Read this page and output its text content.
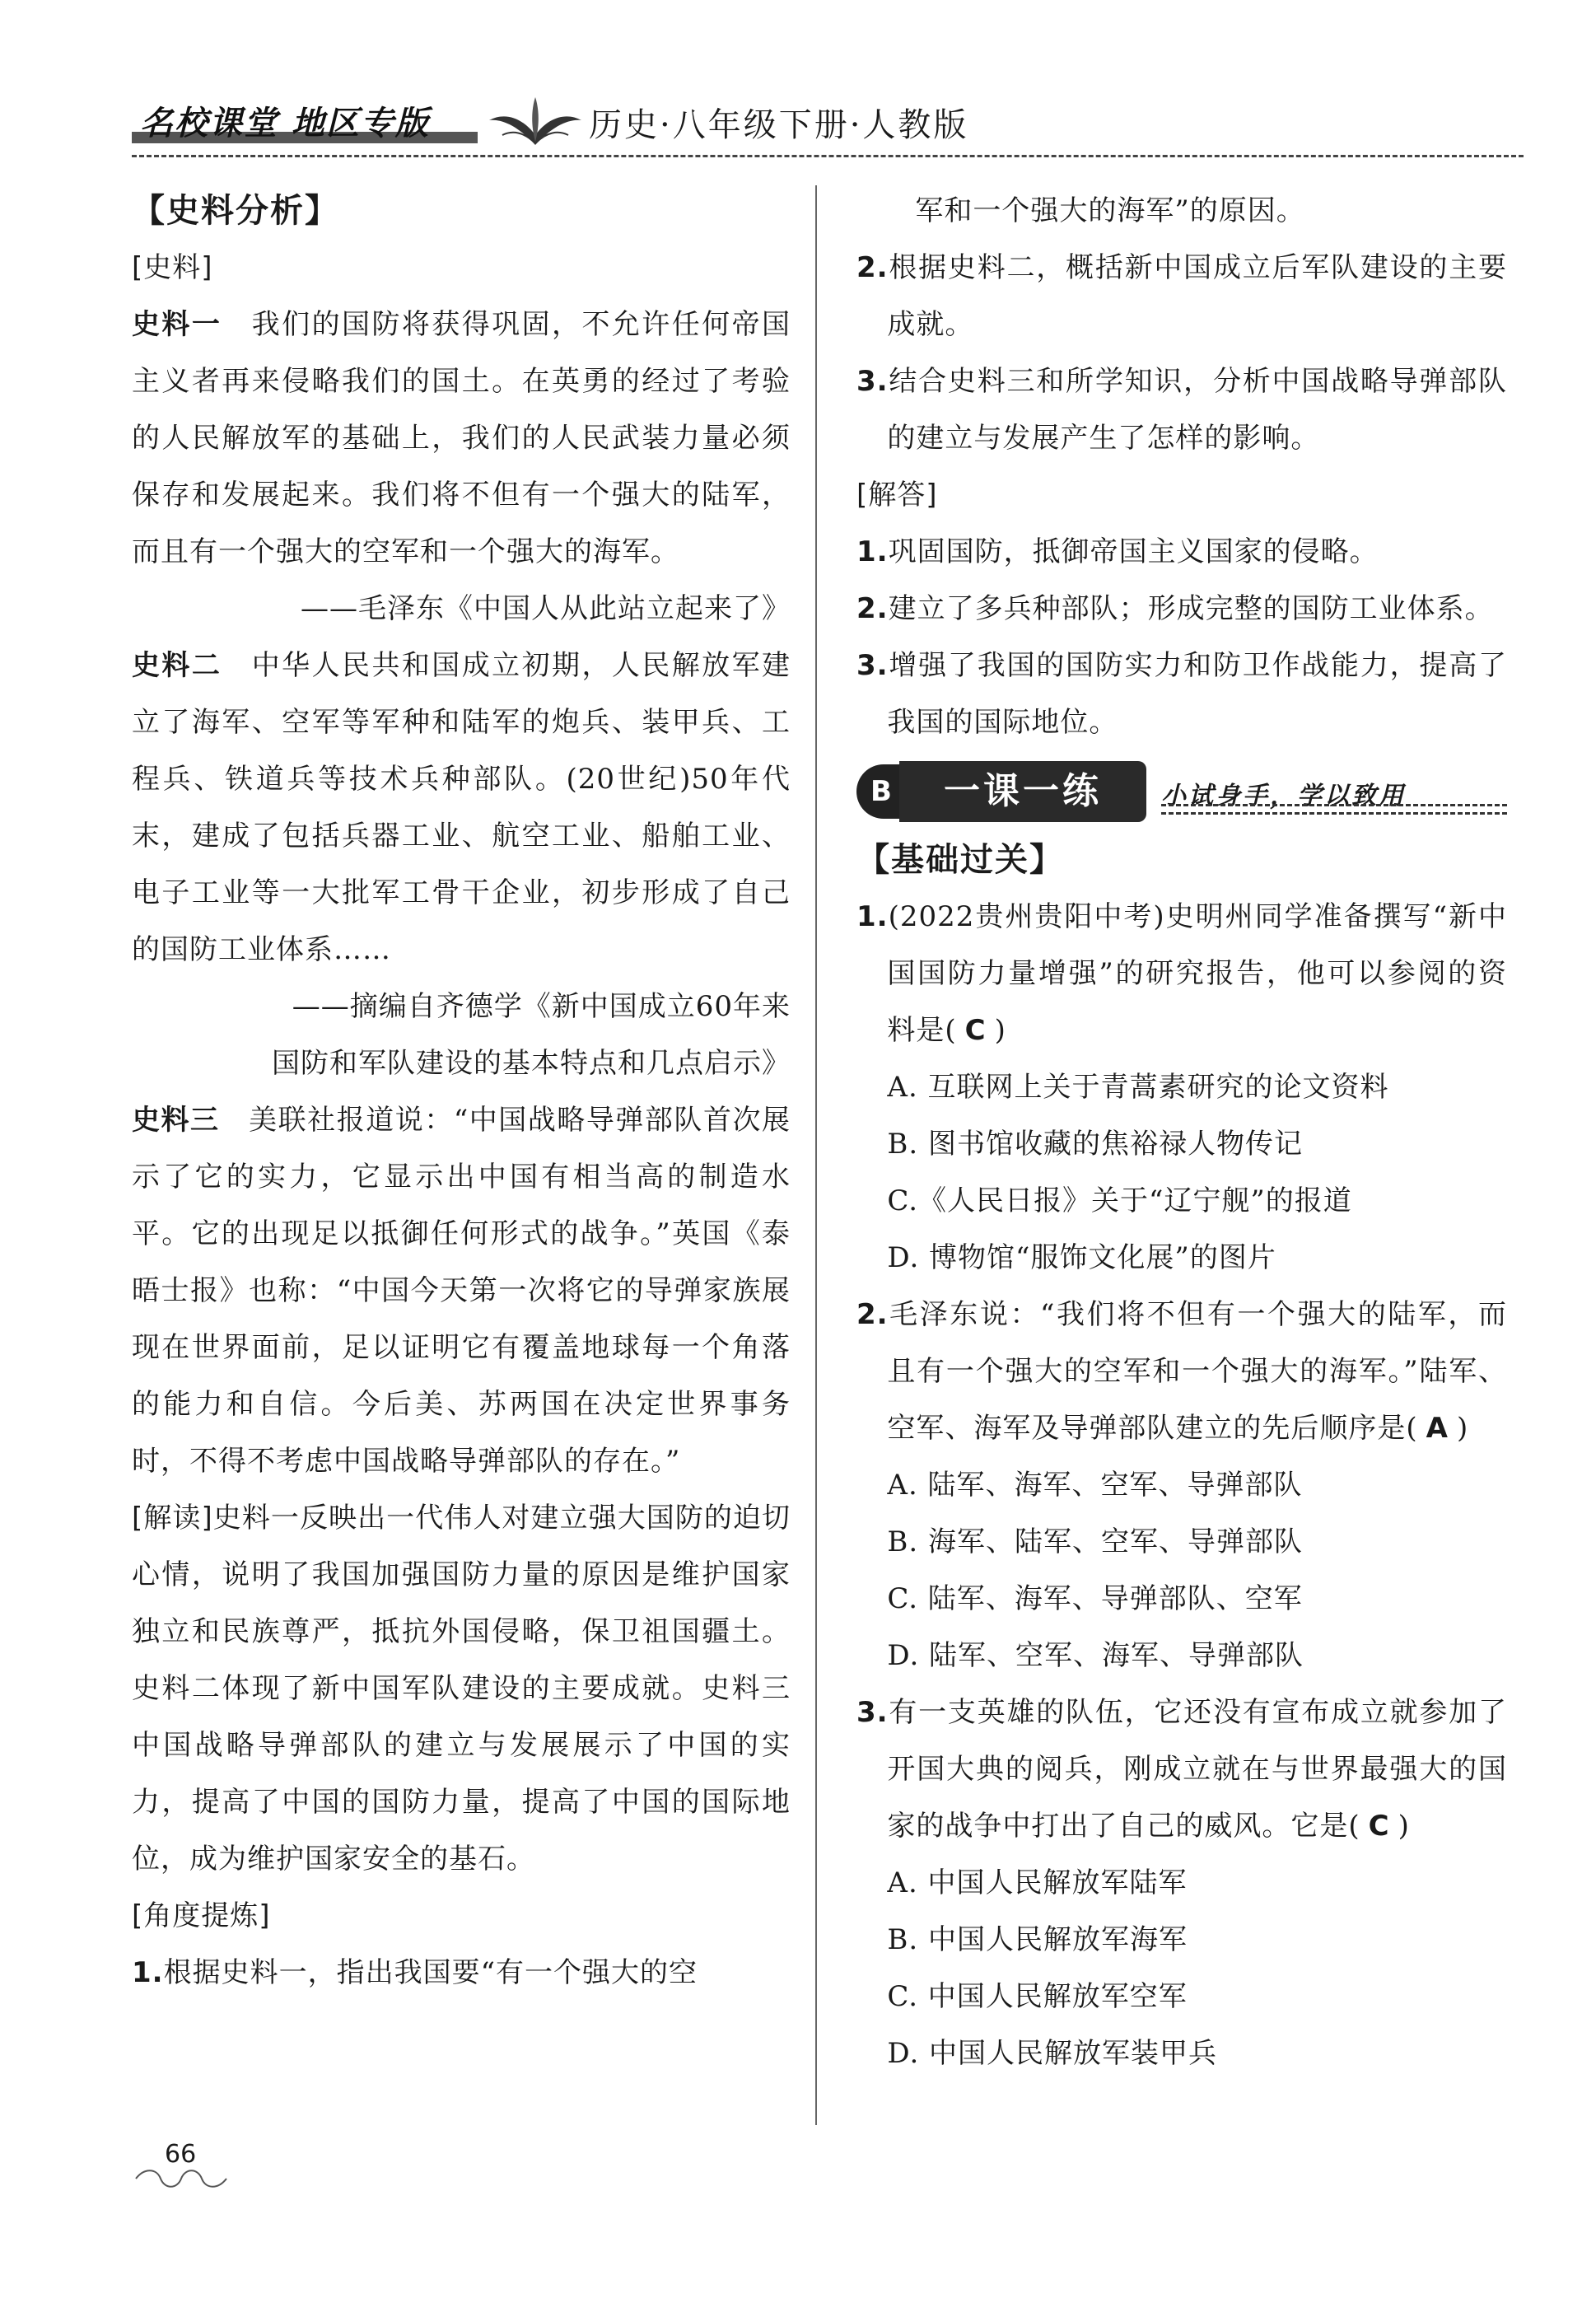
名校课堂 地区专版	历史·八年级下册·人教版
【史料分析】
[史料]
史料一  我们的国防将获得巩固，不允许任何帝国主义者再来侵略我们的国土。在英勇的经过了考验的人民解放军的基础上，我们的人民武装力量必须保存和发展起来。我们将不但有一个强大的陆军，而且有一个强大的空军和一个强大的海军。
——毛泽东《中国人从此站立起来了》
史料二  中华人民共和国成立初期，人民解放军建立了海军、空军等军种和陆军的炮兵、装甲兵、工程兵、铁道兵等技术兵种部队。(20世纪)50年代末，建成了包括兵器工业、航空工业、船舶工业、电子工业等一大批军工骨干企业，初步形成了自己的国防工业体系……
——摘编自齐德学《新中国成立60年来
国防和军队建设的基本特点和几点启示》
史料三  美联社报道说：“中国战略导弹部队首次展示了它的实力，它显示出中国有相当高的制造水平。它的出现足以抵御任何形式的战争。”英国《泰晤士报》也称：“中国今天第一次将它的导弹家族展现在世界面前，足以证明它有覆盖地球每一个角落的能力和自信。今后美、苏两国在决定世界事务时，不得不考虑中国战略导弹部队的存在。”
[解读]史料一反映出一代伟人对建立强大国防的迫切心情，说明了我国加强国防力量的原因是维护国家独立和民族尊严，抵抗外国侵略，保卫祖国疆土。史料二体现了新中国军队建设的主要成就。史料三中国战略导弹部队的建立与发展展示了中国的实力，提高了中国的国防力量，提高了中国的国际地位，成为维护国家安全的基石。
[角度提炼]
1.根据史料一，指出我国要“有一个强大的空
军和一个强大的海军”的原因。
2.根据史料二，概括新中国成立后军队建设的主要成就。
3.结合史料三和所学知识，分析中国战略导弹部队的建立与发展产生了怎样的影响。
[解答]
1.巩固国防，抵御帝国主义国家的侵略。
2.建立了多兵种部队；形成完整的国防工业体系。
3.增强了我国的国防实力和防卫作战能力，提高了我国的国际地位。
B	一课一练	小试身手，学以致用
【基础过关】
1.(2022贵州贵阳中考)史明州同学准备撰写“新中国国防力量增强”的研究报告，他可以参阅的资料是( C )
A. 互联网上关于青蒿素研究的论文资料
B. 图书馆收藏的焦裕禄人物传记
C.《人民日报》关于“辽宁舰”的报道
D. 博物馆“服饰文化展”的图片
2.毛泽东说：“我们将不但有一个强大的陆军，而且有一个强大的空军和一个强大的海军。”陆军、空军、海军及导弹部队建立的先后顺序是( A )
A. 陆军、海军、空军、导弹部队
B. 海军、陆军、空军、导弹部队
C. 陆军、海军、导弹部队、空军
D. 陆军、空军、海军、导弹部队
3.有一支英雄的队伍，它还没有宣布成立就参加了开国大典的阅兵，刚成立就在与世界最强大的国家的战争中打出了自己的威风。它是( C )
A. 中国人民解放军陆军
B. 中国人民解放军海军
C. 中国人民解放军空军
D. 中国人民解放军装甲兵
66
